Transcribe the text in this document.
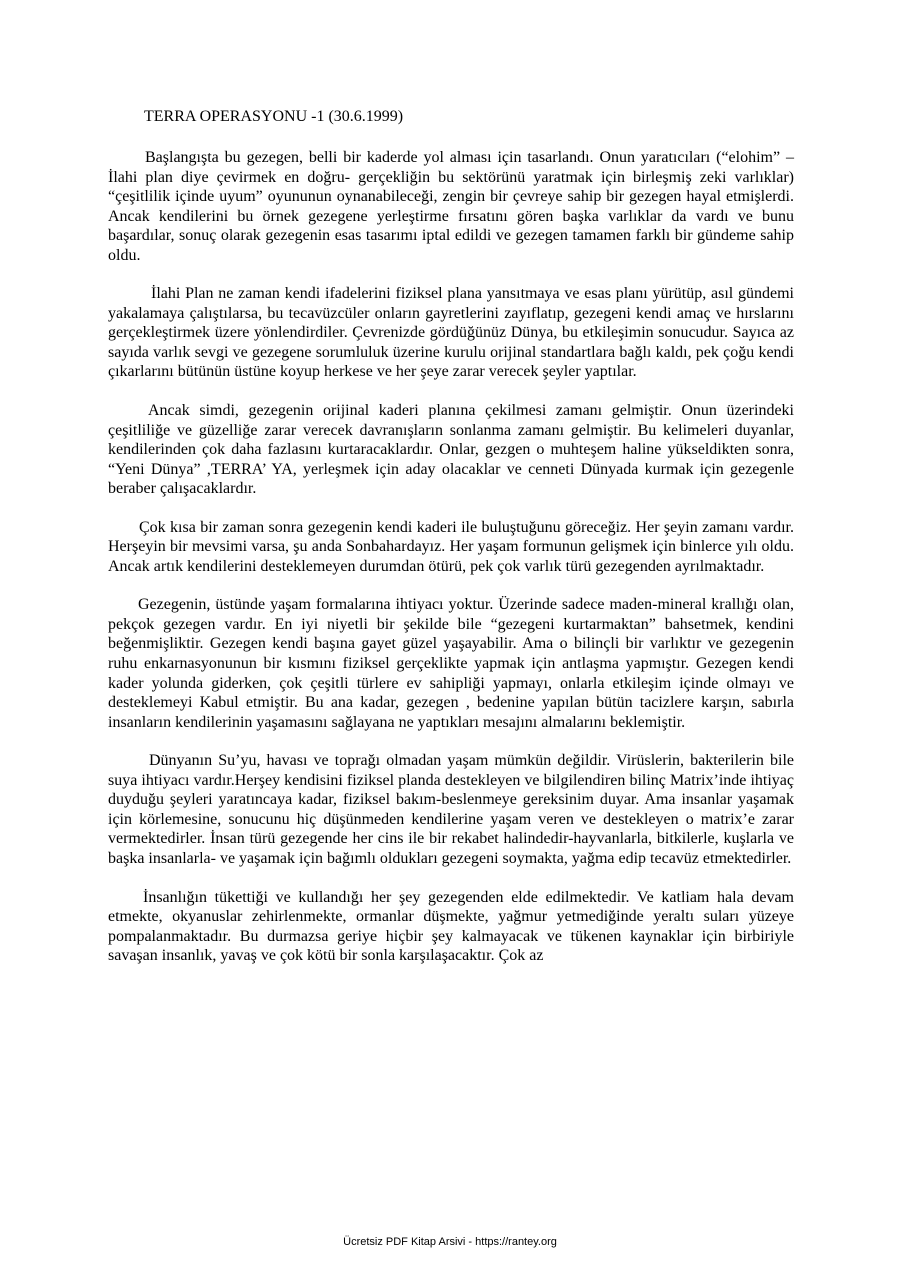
TERRA OPERASYONU -1 (30.6.1999)

Başlangışta bu gezegen, belli bir kaderde yol alması için tasarlandı. Onun yaratıcıları (“elohim” – İlahi plan diye çevirmek en doğru- gerçekliğin bu sektörünü yaratmak için birleşmiş zeki varlıklar) “çeşitlilik içinde uyum” oyununun oynanabileceği, zengin bir çevreye sahip bir gezegen hayal etmişlerdi. Ancak kendilerini bu örnek gezegene yerleştirme fırsatını gören başka varlıklar da vardı ve bunu başardılar, sonuç olarak gezegenin esas tasarımı iptal edildi ve gezegen tamamen farklı bir gündeme sahip oldu.

İlahi Plan ne zaman kendi ifadelerini fiziksel plana yansıtmaya ve esas planı yürütüp, asıl gündemi yakalamaya çalıştılarsa, bu tecavüzcüler onların gayretlerini zayıflatıp, gezegeni kendi amaç ve hırslarını gerçekleştirmek üzere yönlendirdiler. Çevrenizde gördüğünüz Dünya, bu etkileşimin sonucudur. Sayıca az sayıda varlık sevgi ve gezegene sorumluluk üzerine kurulu orijinal standartlara bağlı kaldı, pek çoğu kendi çıkarlarını bütünün üstüne koyup herkese ve her şeye zarar verecek şeyler yaptılar.

Ancak simdi, gezegenin orijinal kaderi planına çekilmesi zamanı gelmiştir. Onun üzerindeki çeşitliliğe ve güzelliğe zarar verecek davranışların sonlanma zamanı gelmiştir. Bu kelimeleri duyanlar, kendilerinden çok daha fazlasını kurtaracaklardır. Onlar, gezgen o muhteşem haline yükseldikten sonra, “Yeni Dünya” ,TERRA’ YA, yerleşmek için aday olacaklar ve cenneti Dünyada kurmak için gezegenle beraber çalışacaklardır.

Çok kısa bir zaman sonra gezegenin kendi kaderi ile buluştuğunu göreceğiz. Her şeyin zamanı vardır. Herşeyin bir mevsimi varsa, şu anda Sonbahardayız. Her yaşam formunun gelişmek için binlerce yılı oldu. Ancak artık kendilerini desteklemeyen durumdan ötürü, pek çok varlık türü gezegenden ayrılmaktadır.

Gezegenin, üstünde yaşam formalarına ihtiyacı yoktur. Üzerinde sadece maden-mineral krallığı olan, pekçok gezegen vardır. En iyi niyetli bir şekilde bile “gezegeni kurtarmaktan” bahsetmek, kendini beğenmişliktir. Gezegen kendi başına gayet güzel yaşayabilir. Ama o bilinçli bir varlıktır ve gezegenin ruhu enkarnasyonunun bir kısmını fiziksel gerçeklikte yapmak için antlaşma yapmıştır. Gezegen kendi kader yolunda giderken, çok çeşitli türlere ev sahipliği yapmayı, onlarla etkileşim içinde olmayı ve desteklemeyi Kabul etmiştir. Bu ana kadar, gezegen , bedenine yapılan bütün tacizlere karşın, sabırla insanların kendilerinin yaşamasını sağlayana ne yaptıkları mesajını almalarını beklemiştir.

Dünyanın Su’yu, havası ve toprağı olmadan yaşam mümkün değildir. Virüslerin, bakterilerin bile suya ihtiyacı vardır.Herşey kendisini fiziksel planda destekleyen ve bilgilendiren bilinç Matrix’inde ihtiyaç duyduğu şeyleri yaratıncaya kadar, fiziksel bakım-beslenmeye gereksinim duyar. Ama insanlar yaşamak için körlemesine, sonucunu hiç düşünmeden kendilerine yaşam veren ve destekleyen o matrix’e zarar vermektedirler. İnsan türü gezegende her cins ile bir rekabet halindedir-hayvanlarla, bitkilerle, kuşlarla ve başka insanlarla- ve yaşamak için bağımlı oldukları gezegeni soymakta, yağma edip tecavüz etmektedirler.

İnsanlığın tükettiği ve kullandığı her şey gezegenden elde edilmektedir. Ve katliam hala devam etmekte, okyanuslar zehirlenmekte, ormanlar düşmekte, yağmur yetmediğinde yeraltı suları yüzeye pompalanmaktadır. Bu durmazsa geriye hiçbir şey kalmayacak ve tükenen kaynaklar için birbiriyle savaşan insanlık, yavaş ve çok kötü bir sonla karşılaşacaktır. Çok az

Ücretsiz PDF Kitap Arsivi - https://rantey.org
